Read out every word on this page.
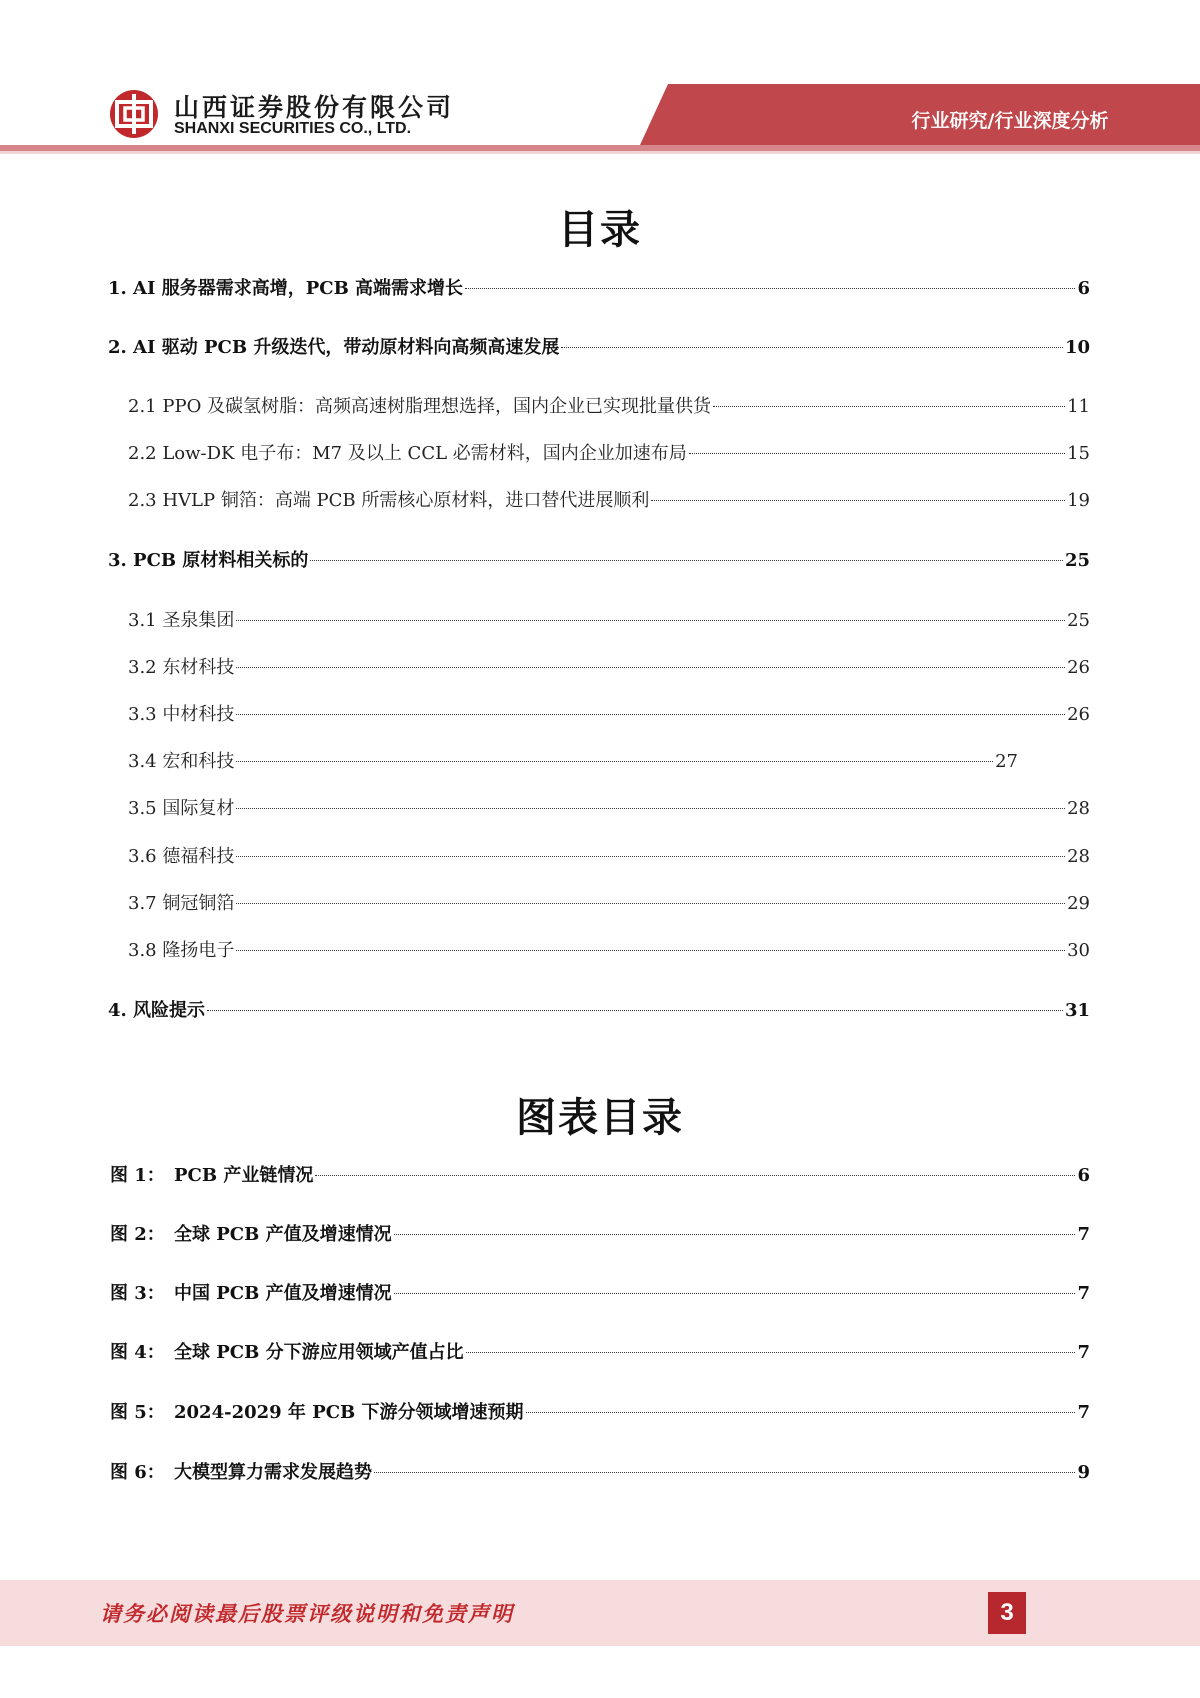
山西证券股份有限公司
SHANXI SECURITIES CO., LTD.	行业研究/行业深度分析
目录
1. AI 服务器需求高增，PCB 高端需求增长	6
2. AI 驱动 PCB 升级迭代，带动原材料向高频高速发展	10
2.1 PPO 及碳氢树脂：高频高速树脂理想选择，国内企业已实现批量供货	11
2.2 Low-DK 电子布：M7 及以上 CCL 必需材料，国内企业加速布局	15
2.3 HVLP 铜箔：高端 PCB 所需核心原材料，进口替代进展顺利	19
3. PCB 原材料相关标的	25
3.1 圣泉集团	25
3.2 东材科技	26
3.3 中材科技	26
3.4 宏和科技	27
3.5 国际复材	28
3.6 德福科技	28
3.7 铜冠铜箔	29
3.8 隆扬电子	30
4. 风险提示	31
图表目录
图 1： PCB 产业链情况	6
图 2： 全球 PCB 产值及增速情况	7
图 3： 中国 PCB 产值及增速情况	7
图 4： 全球 PCB 分下游应用领域产值占比	7
图 5： 2024-2029 年 PCB 下游分领域增速预期	7
图 6： 大模型算力需求发展趋势	9
请务必阅读最后股票评级说明和免责声明	3
